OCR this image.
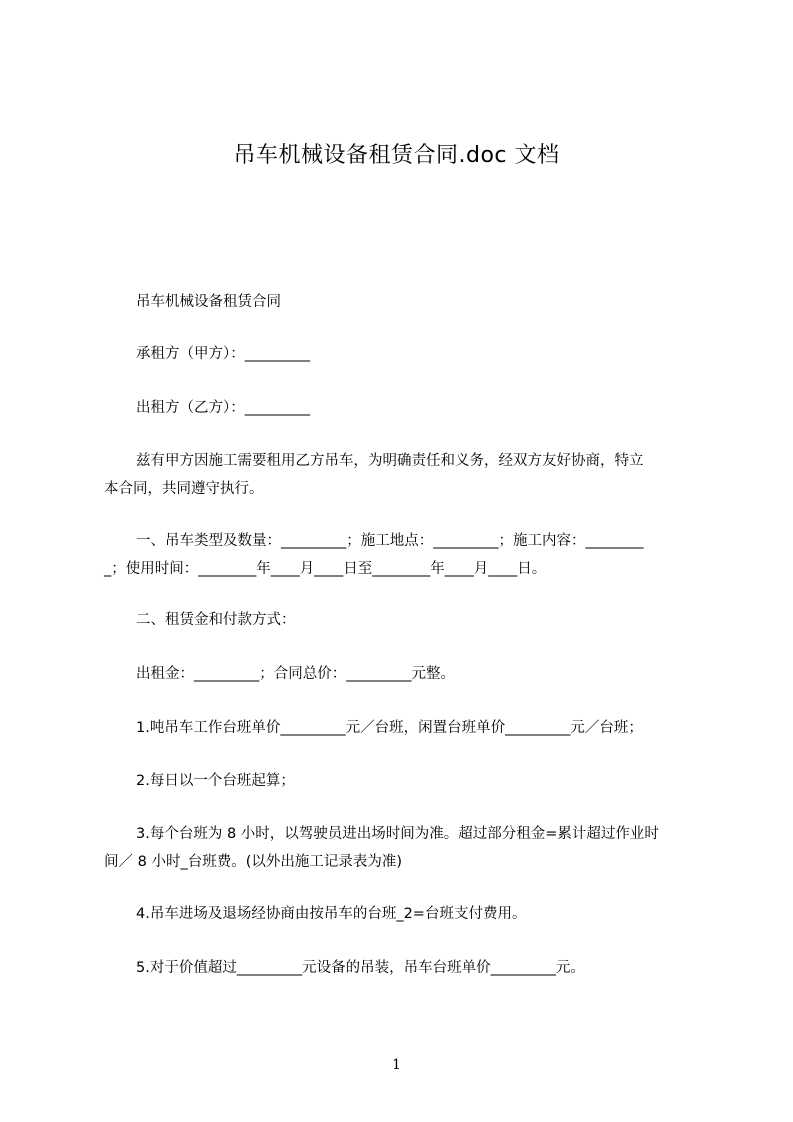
吊车机械设备租赁合同.doc 文档
吊车机械设备租赁合同
承租方（甲方）：_________
出租方（乙方）：_________
兹有甲方因施工需要租用乙方吊车，为明确责任和义务，经双方友好协商，特立
本合同，共同遵守执行。
一、吊车类型及数量：_________；施工地点：_________；施工内容：________
_；使用时间：________年____月____日至________年____月____日。
二、租赁金和付款方式：
出租金：_________；合同总价：_________元整。
1.吨吊车工作台班单价_________元／台班，闲置台班单价_________元／台班；
2.每日以一个台班起算；
3.每个台班为 8 小时，以驾驶员进出场时间为准。超过部分租金=累计超过作业时
间／ 8 小时_台班费。(以外出施工记录表为准)
4.吊车进场及退场经协商由按吊车的台班_2=台班支付费用。
5.对于价值超过_________元设备的吊装，吊车台班单价_________元。
1
